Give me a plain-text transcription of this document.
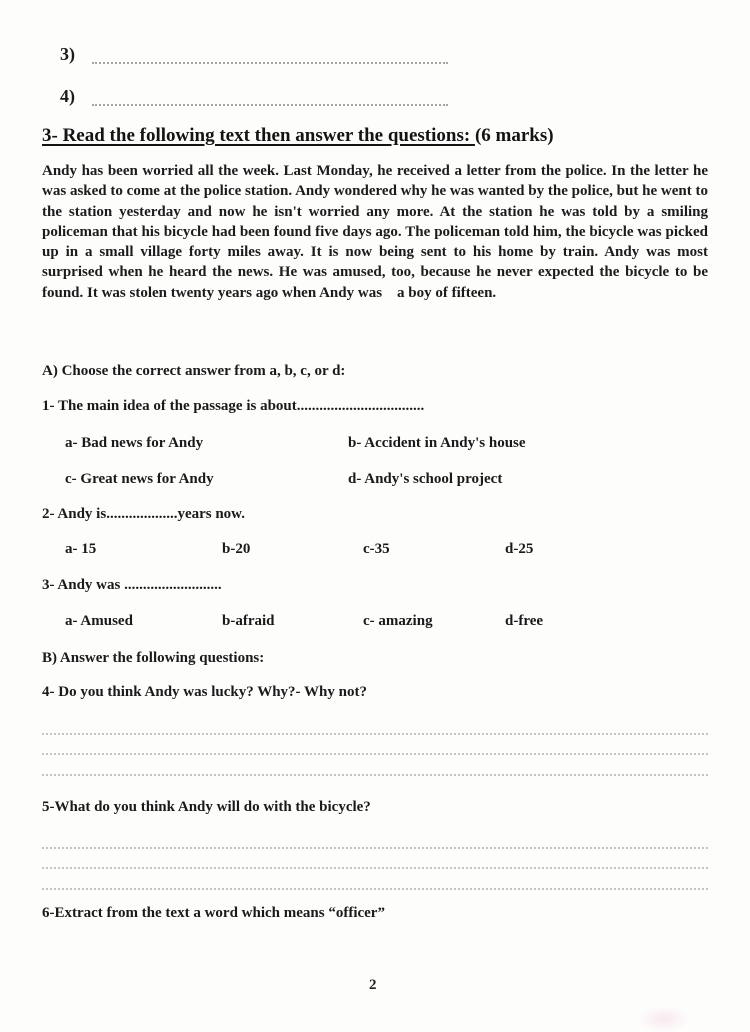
3)
4)
3- Read the following text then answer the questions: (6 marks)
Andy has been worried all the week. Last Monday, he received a letter from the police. In the letter he was asked to come at the police station. Andy wondered why he was wanted by the police, but he went to the station yesterday and now he isn't worried any more. At the station he was told by a smiling policeman that his bicycle had been found five days ago. The policeman told him, the bicycle was picked up in a small village forty miles away. It is now being sent to his home by train. Andy was most surprised when he heard the news. He was amused, too, because he never expected the bicycle to be found. It was stolen twenty years ago when Andy was    a boy of fifteen.
A) Choose the correct answer from a, b, c, or d:
1- The main idea of the passage is about..................................
a- Bad news for Andy	b- Accident in Andy's house
c- Great news for Andy	d- Andy's school project
2- Andy is...................years now.
a- 15	b-20	c-35	d-25
3- Andy was ..........................
a- Amused	b-afraid	c- amazing	d-free
B) Answer the following questions:
4- Do you think Andy was lucky? Why?- Why not?
5-What do you think Andy will do with the bicycle?
6-Extract from the text a word which means “officer”
2
